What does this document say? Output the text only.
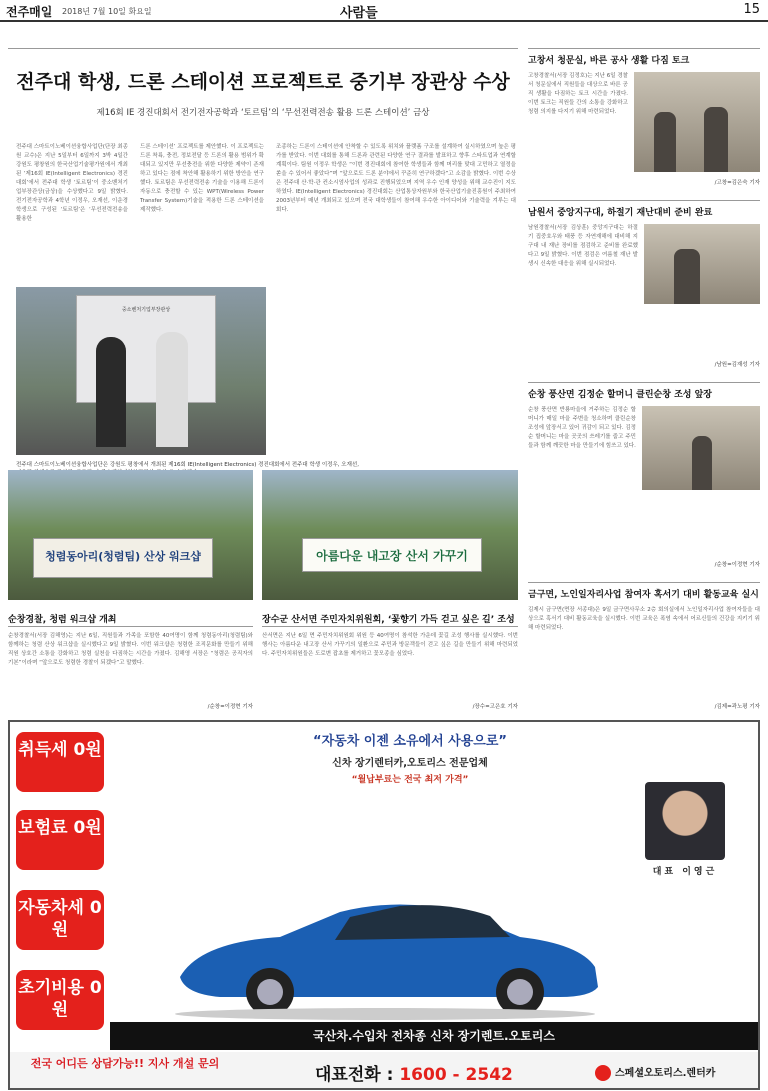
전주매일 2018년 7월 10일 화요일	사람들	15
전주대 학생, 드론 스테이션 프로젝트로 중기부 장관상 수상
제16회 IE 경진대회서 전기전자공학과 ‘토르팀’의 ‘무선전력전송 활용 드론 스테이션’ 금상
전주대 스마트이노베이션융합사업단(단장 최종원 교수)은 지난 5일부터 6일까지 3박 4일간 강원도 평창원의 한국산업기술평가원에서 개최된 ‘제16회 IE(Intelligent Electronics) 경진대회’에서 전주대 학생 ‘토르팀’이 중소벤처기업부장관상(금상)을 수상했다고 9일 밝혔다. 전기전자공학과 4학년 이정우, 오재선, 이운경 학생으로 구성된 ‘토르팀’은 ‘무선전력전송을 활용한
드론 스테이션’ 프로젝트를 제안했다. 이 프로젝트는 드론 착륙, 충전, 정보전달 등 드론의 활용 범위가 확대되고 있지만 무선충전을 위한 다양한 제약이 존재하고 있다는 점에 착안해 활용하기 위한 방안을 연구했다. 토르팀은 무선전력전송 기술을 이용해 드론이 자동으로 충전할 수 있는 WPT(Wireless Power Transfer System)기술을 적용한 드론 스테이션을 제작했다.
조종하는 드론이 스테이션에 안착할 수 있도록 위치와 플랫폼 구조를 설계하여 실시하였으며 높은 평가를 받았다. 이번 대회를 통해 드론과 관련된 다양한 연구 결과를 발표하고 향후 스타트업과 연계할 계획이다. 팀원 이정우 학생은 “이번 경진대회에 참여한 학생들과 함께 머리를 맞대 고민하고 열정을 쏟을 수 있어서 좋았다”며 “앞으로도 드론 분야에서 꾸준히 연구하겠다”고 소감을 밝혔다. 이번 수상은 전주대 산·학·관 컨소시엄사업의 성과로 진행되었으며 지역 우수 인재 양성을 위해 교수진이 지도하였다. IE(Intelligent Electronics) 경진대회는 산업통상자원부와 한국산업기술진흥원이 주최하여 2003년부터 매년 개최되고 있으며 전국 대학생들이 참여해 우수한 아이디어와 기술력을 겨루는 대회다.
중소벤처기업부장관상
전주대 스마트이노베이션융합사업단은 강원도 평창에서 개최된 제16회 IE(Intelligent Electronics) 경진대회에서 전주대 학생 이정우, 오재선,
청렴동아리(청렴팀) 산상 워크샵
순창경찰, 청렴 워크샵 개최
순창경찰서(서장 김해영)는 지난 6일, 직원들과 가족을 포함한 40여명이 함께 청렴동아리(청렴팀)와 함께하는 청렴 산상 워크샵을 실시했다고 9일 밝혔다. 이번 워크샵은 청렴한 조직문화를 만들기 위해 직원 상호간 소통을 강화하고 청렴 실천을 다짐하는 시간을 가졌다. 김해영 서장은 “청렴은 공직자의 기본”이라며 “앞으로도 청렴한 경찰이 되겠다”고 말했다.
/순창=이정현 기자
아름다운 내고장 산서 가꾸기
장수군 산서면 주민자치위원회, ‘꽃향기 가득 걷고 싶은 길’ 조성
산서면은 지난 6일 면 주민자치위원회 위원 등 40여명이 참석한 가운데 꽃길 조성 행사를 실시했다. 이번 행사는 아름다운 내고장 산서 가꾸기의 일환으로 주민과 방문객들이 걷고 싶은 길을 만들기 위해 마련되었다. 주민자치위원들은 도로변 잡초를 제거하고 꽃모종을 심었다.
/장수=고은호 기자
고창서 청문실, 바른 공사 생활 다짐 토크
고창경찰서(서장 김정호)는 지난 6일 경찰서 청문실에서 직원들을 대상으로 바른 공직 생활을 다짐하는 토크 시간을 가졌다. 이번 토크는 직원들 간의 소통을 강화하고 청렴 의지를 다지기 위해 마련되었다.
/고창=김은숙 기자
남원서 중앙지구대, 하절기 재난대비 준비 완료
남원경찰서(서장 김상훈) 중앙지구대는 하절기 집중호우와 태풍 등 자연재해에 대비해 지구대 내 재난 장비를 점검하고 준비를 완료했다고 9일 밝혔다. 이번 점검은 여름철 재난 발생시 신속한 대응을 위해 실시되었다.
/남원=김재성 기자
순창 풍산면 김정순 할머니 클린순창 조성 앞장
순창 풍산면 반룡마을에 거주하는 김정순 할머니가 매일 마을 주변을 청소하며 클린순창 조성에 앞장서고 있어 귀감이 되고 있다. 김정순 할머니는 마을 곳곳의 쓰레기를 줍고 주민들과 함께 깨끗한 마을 만들기에 힘쓰고 있다.
/순창=이정현 기자
금구면, 노인일자리사업 참여자 혹서기 대비 활동교육 실시
김제시 금구면(면장 서종대)은 9일 금구면사무소 2층 회의실에서 노인일자리사업 참여자들을 대상으로 혹서기 대비 활동교육을 실시했다. 이번 교육은 폭염 속에서 어르신들의 건강을 지키기 위해 마련되었다.
/김제=곽노평 기자
취득세 0원
보험료 0원
자동차세 0원
초기비용 0원
“자동차 이젠 소유에서 사용으로”
신차 장기렌터카,오토리스 전문업체
“월납부료는 전국 최저 가격”
대표 이영근
국산차.수입차 전차종 신차 장기렌트.오토리스
전국 어디든 상담가능!! 지사 개설 문의
대표전화 : 1600 - 2542	스페셜오토리스.렌터카
